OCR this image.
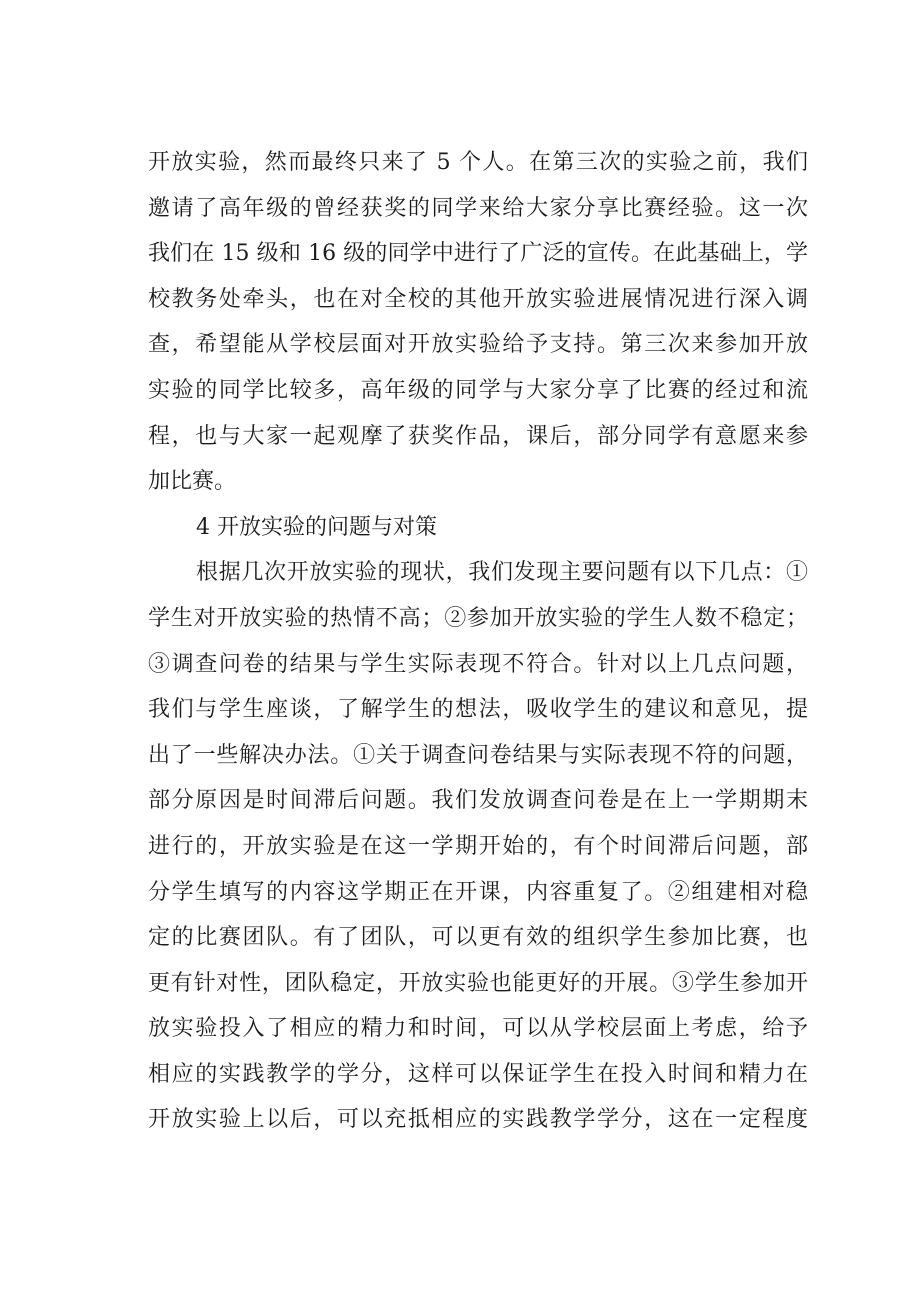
开放实验，然而最终只来了 5 个人。在第三次的实验之前，我们
邀请了高年级的曾经获奖的同学来给大家分享比赛经验。这一次
我们在 15 级和 16 级的同学中进行了广泛的宣传。在此基础上，学
校教务处牵头，也在对全校的其他开放实验进展情况进行深入调
查，希望能从学校层面对开放实验给予支持。第三次来参加开放
实验的同学比较多，高年级的同学与大家分享了比赛的经过和流
程，也与大家一起观摩了获奖作品，课后，部分同学有意愿来参
加比赛。
4 开放实验的问题与对策
根据几次开放实验的现状，我们发现主要问题有以下几点：①
学生对开放实验的热情不高；②参加开放实验的学生人数不稳定；
③调查问卷的结果与学生实际表现不符合。针对以上几点问题，
我们与学生座谈，了解学生的想法，吸收学生的建议和意见，提
出了一些解决办法。①关于调查问卷结果与实际表现不符的问题，
部分原因是时间滞后问题。我们发放调查问卷是在上一学期期末
进行的，开放实验是在这一学期开始的，有个时间滞后问题，部
分学生填写的内容这学期正在开课，内容重复了。②组建相对稳
定的比赛团队。有了团队，可以更有效的组织学生参加比赛，也
更有针对性，团队稳定，开放实验也能更好的开展。③学生参加开
放实验投入了相应的精力和时间，可以从学校层面上考虑，给予
相应的实践教学的学分，这样可以保证学生在投入时间和精力在
开放实验上以后，可以充抵相应的实践教学学分，这在一定程度
